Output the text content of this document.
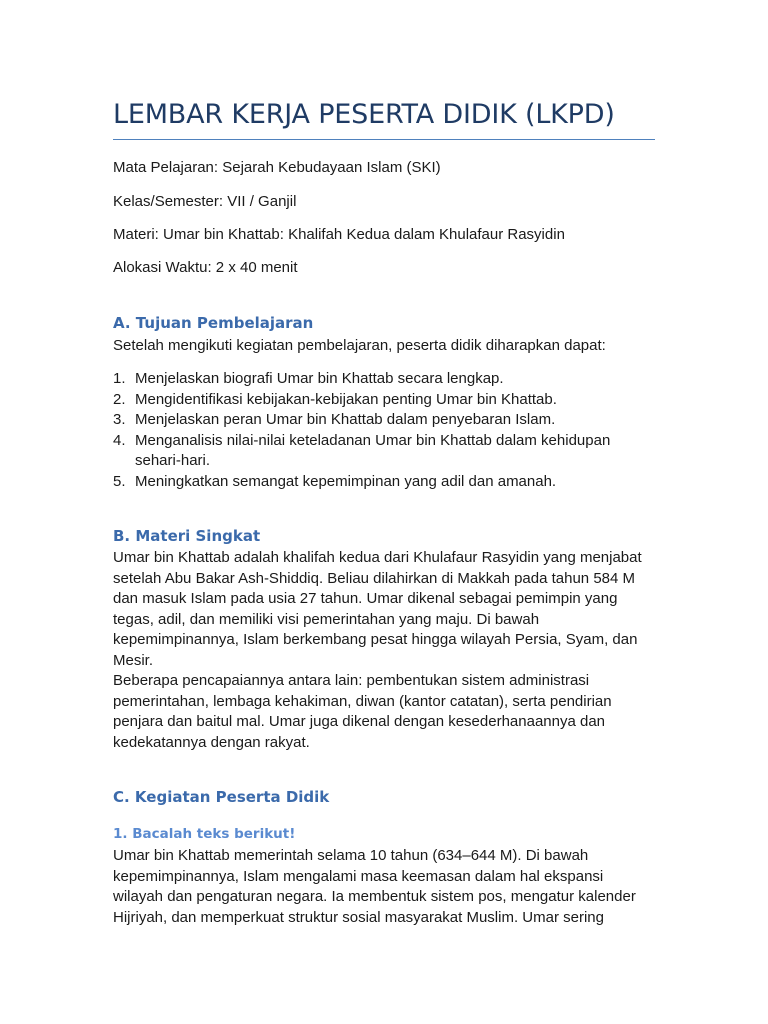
LEMBAR KERJA PESERTA DIDIK (LKPD)

Mata Pelajaran: Sejarah Kebudayaan Islam (SKI)

Kelas/Semester: VII / Ganjil

Materi: Umar bin Khattab: Khalifah Kedua dalam Khulafaur Rasyidin

Alokasi Waktu: 2 x 40 menit

A. Tujuan Pembelajaran

Setelah mengikuti kegiatan pembelajaran, peserta didik diharapkan dapat:

1. Menjelaskan biografi Umar bin Khattab secara lengkap.
2. Mengidentifikasi kebijakan-kebijakan penting Umar bin Khattab.
3. Menjelaskan peran Umar bin Khattab dalam penyebaran Islam.
4. Menganalisis nilai-nilai keteladanan Umar bin Khattab dalam kehidupan
sehari-hari.
5. Meningkatkan semangat kepemimpinan yang adil dan amanah.
B. Materi Singkat
Umar bin Khattab adalah khalifah kedua dari Khulafaur Rasyidin yang menjabat
setelah Abu Bakar Ash-Shiddiq. Beliau dilahirkan di Makkah pada tahun 584 M
dan masuk Islam pada usia 27 tahun. Umar dikenal sebagai pemimpin yang
tegas, adil, dan memiliki visi pemerintahan yang maju. Di bawah
kepemimpinannya, Islam berkembang pesat hingga wilayah Persia, Syam, dan
Mesir.
Beberapa pencapaiannya antara lain: pembentukan sistem administrasi
pemerintahan, lembaga kehakiman, diwan (kantor catatan), serta pendirian
penjara dan baitul mal. Umar juga dikenal dengan kesederhanaannya dan
kedekatannya dengan rakyat.
C. Kegiatan Peserta Didik
1. Bacalah teks berikut!
Umar bin Khattab memerintah selama 10 tahun (634–644 M). Di bawah
kepemimpinannya, Islam mengalami masa keemasan dalam hal ekspansi
wilayah dan pengaturan negara. Ia membentuk sistem pos, mengatur kalender
Hijriyah, dan memperkuat struktur sosial masyarakat Muslim. Umar sering
